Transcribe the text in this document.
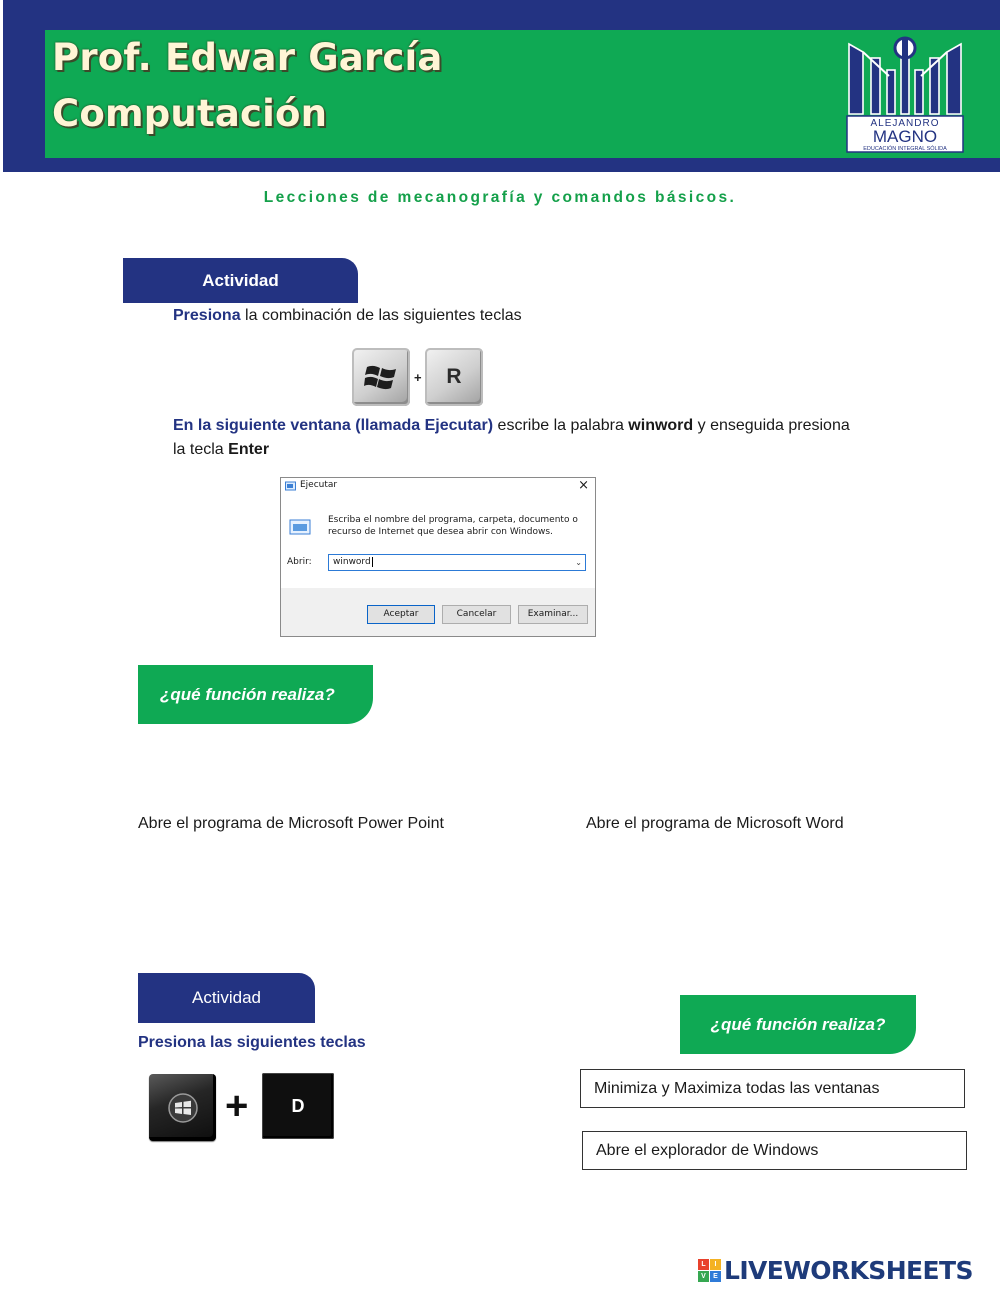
Prof. Edwar García
Computación	ALEJANDRO
MAGNO
EDUCACIÓN INTEGRAL SÓLIDA
Lecciones de mecanografía y comandos básicos.
Actividad
Presiona la combinación de las siguientes teclas
+ R
En la siguiente ventana (llamada Ejecutar) escribe la palabra winword y enseguida presiona
la tecla Enter
Ejecutar	×
Escriba el nombre del programa, carpeta, documento o
recurso de Internet que desea abrir con Windows.
Abrir:	winword	⌄
Aceptar	Cancelar	Examinar...
¿qué función realiza?
Abre el programa de Microsoft Power Point	Abre el programa de Microsoft Word
Actividad
Presiona las siguientes teclas
+ D
¿qué función realiza?
Minimiza y Maximiza todas las ventanas
Abre el explorador de Windows
L	I
V	E LIVEWORKSHEETS
